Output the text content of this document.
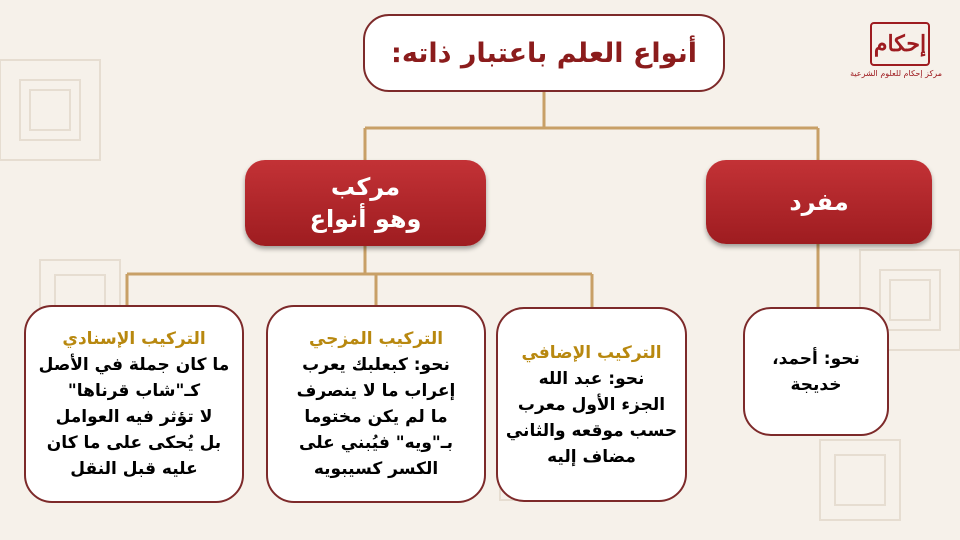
أنواع العلم باعتبار ذاته:
مركب
وهو أنواع
مفرد
التركيب الإسنادي
ما كان جملة في الأصل
كـ"شاب قرناها"
لا تؤثر فيه العوامل
بل يُحكى على ما كان
عليه قبل النقل
التركيب المزجي
نحو: كبعلبك يعرب
إعراب ما لا ينصرف
ما لم يكن مختوما
بـ"ويه" فيُبني على
الكسر كسيبويه
التركيب الإضافي
نحو: عبد الله
الجزء الأول معرب
حسب موقعه والثاني
مضاف إليه
نحو: أحمد،
خديجة
إحكام
مركز إحكام للعلوم الشرعية
